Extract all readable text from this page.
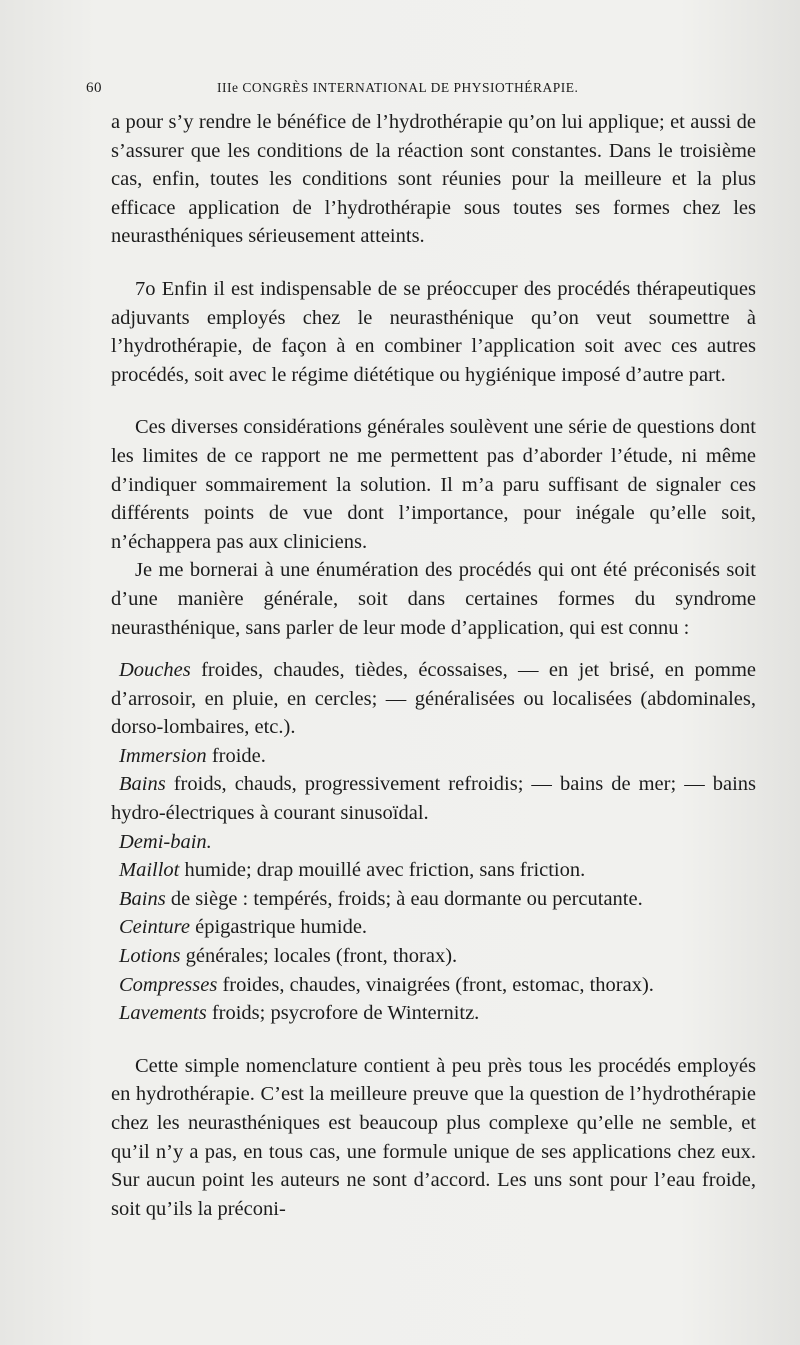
60	IIIe CONGRÈS INTERNATIONAL DE PHYSIOTHÉRAPIE.

a pour s’y rendre le bénéfice de l’hydrothérapie qu’on lui applique; et aussi de s’assurer que les conditions de la réaction sont constantes. Dans le troisième cas, enfin, toutes les conditions sont réunies pour la meilleure et la plus efficace application de l’hydrothérapie sous toutes ses formes chez les neurasthéniques sérieusement atteints.

7o Enfin il est indispensable de se préoccuper des procédés thérapeutiques adjuvants employés chez le neurasthénique qu’on veut soumettre à l’hydrothérapie, de façon à en combiner l’application soit avec ces autres procédés, soit avec le régime diététique ou hygiénique imposé d’autre part.

Ces diverses considérations générales soulèvent une série de questions dont les limites de ce rapport ne me permettent pas d’aborder l’étude, ni même d’indiquer sommairement la solution. Il m’a paru suffisant de signaler ces différents points de vue dont l’importance, pour inégale qu’elle soit, n’échappera pas aux cliniciens.

Je me bornerai à une énumération des procédés qui ont été préconisés soit d’une manière générale, soit dans certaines formes du syndrome neurasthénique, sans parler de leur mode d’application, qui est connu :

Douches froides, chaudes, tièdes, écossaises, — en jet brisé, en pomme d’arrosoir, en pluie, en cercles; — généralisées ou localisées (abdominales, dorso-lombaires, etc.).
Immersion froide.
Bains froids, chauds, progressivement refroidis; — bains de mer; — bains hydro-électriques à courant sinusoïdal.
Demi-bain.
Maillot humide; drap mouillé avec friction, sans friction.
Bains de siège : tempérés, froids; à eau dormante ou percutante.
Ceinture épigastrique humide.
Lotions générales; locales (front, thorax).
Compresses froides, chaudes, vinaigrées (front, estomac, thorax).
Lavements froids; psycrofore de Winternitz.

Cette simple nomenclature contient à peu près tous les procédés employés en hydrothérapie. C’est la meilleure preuve que la question de l’hydrothérapie chez les neurasthéniques est beaucoup plus complexe qu’elle ne semble, et qu’il n’y a pas, en tous cas, une formule unique de ses applications chez eux. Sur aucun point les auteurs ne sont d’accord. Les uns sont pour l’eau froide, soit qu’ils la préconi-
